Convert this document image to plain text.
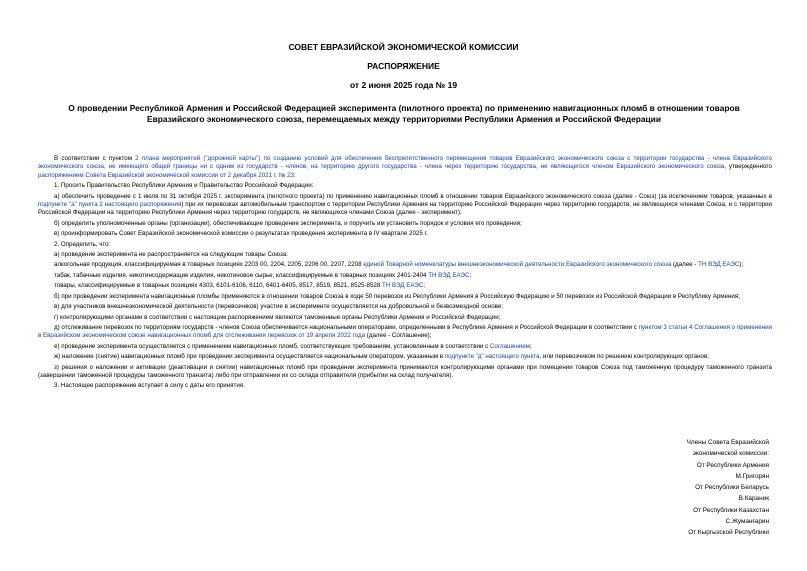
СОВЕТ ЕВРАЗИЙСКОЙ ЭКОНОМИЧЕСКОЙ КОМИССИИ
РАСПОРЯЖЕНИЕ
от 2 июня 2025 года № 19
О проведении Республикой Армения и Российской Федерацией эксперимента (пилотного проекта) по применению навигационных пломб в отношении товаров Евразийского экономического союза, перемещаемых между территориями Республики Армения и Российской Федерации

В соответствии с пунктом 2 плана мероприятий ("дорожной карты") по созданию условий для обеспечения беспрепятственного перемещения товаров Евразийского экономического союза с территории государства - члена Евразийского экономического союза, не имеющего общей границы ни с одним из государств - членов, на территорию другого государства - члена через территорию государства, не являющегося членом Евразийского экономического союза, утвержденного распоряжением Совета Евразийской экономической комиссии от 2 декабря 2021 г. № 23:

1. Просить Правительство Республики Армения и Правительство Российской Федерации:

а) обеспечить проведение с 1 июля по 31 октября 2025 г. эксперимента (пилотного проекта) по применению навигационных пломб в отношении товаров Евразийского экономического союза (далее - Союз) (за исключением товаров, указанных в подпункте "а" пункта 2 настоящего распоряжения) при их перевозках автомобильным транспортом с территории Республики Армения на территорию Российской Федерации через территорию государств, не являющихся членами Союза, и с территории Российской Федерации на территорию Республики Армения через территорию государств, не являющихся членами Союза (далее - эксперимент);

б) определить уполномоченные органы (организации), обеспечивающие проведение эксперимента, и поручить им установить порядок и условия его проведения;

в) проинформировать Совет Евразийской экономической комиссии о результатах проведения эксперимента в IV квартале 2025 г.

2. Определить, что:

а) проведение эксперимента не распространяется на следующие товары Союза:

алкогольная продукция, классифицируемая в товарных позициях 2203 00, 2204, 2205, 2206 00, 2207, 2208 единой Товарной номенклатуры внешнеэкономической деятельности Евразийского экономического союза (далее - ТН ВЭД ЕАЭС);

табак, табачные изделия, никотинсодержащие изделия, никотиновое сырье, классифицируемые в товарных позициях 2401-2404 ТН ВЭД ЕАЭС;

товары, классифицируемые в товарных позициях 4303, 6101-6106, 6110, 6401-6405, 8517, 8519, 8521, 8525-8528 ТН ВЭД ЕАЭС;

б) при проведении эксперимента навигационные пломбы применяются в отношении товаров Союза в ходе 50 перевозок из Республики Армения в Российскую Федерацию и 50 перевозок из Российской Федерации в Республику Армения;

в) для участников внешнеэкономической деятельности (перевозчиков) участие в эксперименте осуществляется на добровольной и безвозмездной основе;

г) контролирующими органами в соответствии с настоящим распоряжением являются таможенные органы Республики Армения и Российской Федерации;

д) отслеживание перевозок по территориям государств - членов Союза обеспечивается национальными операторами, определенными в Республике Армения и Российской Федерации в соответствии с пунктом 3 статьи 4 Соглашения о применении в Евразийском экономическом союзе навигационных пломб для отслеживания перевозок от 19 апреля 2022 года (далее - Соглашение);

е) проведение эксперимента осуществляется с применением навигационных пломб, соответствующих требованиям, установленным в соответствии с Соглашением;

ж) наложение (снятие) навигационных пломб при проведении эксперимента осуществляется национальным оператором, указанным в подпункте "д" настоящего пункта, или перевозчиком по решению контролирующих органов;

з) решения о наложении и активации (деактивации и снятии) навигационных пломб при проведении эксперимента принимаются контролирующими органами при помещении товаров Союза под таможенную процедуру таможенного транзита (завершении таможенной процедуры таможенного транзита) либо при отправлении их со склада отправителя (прибытии на склад получателя).

3. Настоящее распоряжение вступает в силу с даты его принятия.

Члены Совета Евразийской
экономической комиссии:
От Республики Армения
М.Григорян
От Республики Беларусь
В.Караник
От Республики Казахстан
С.Жуманғарин
От Кыргызской Республики
